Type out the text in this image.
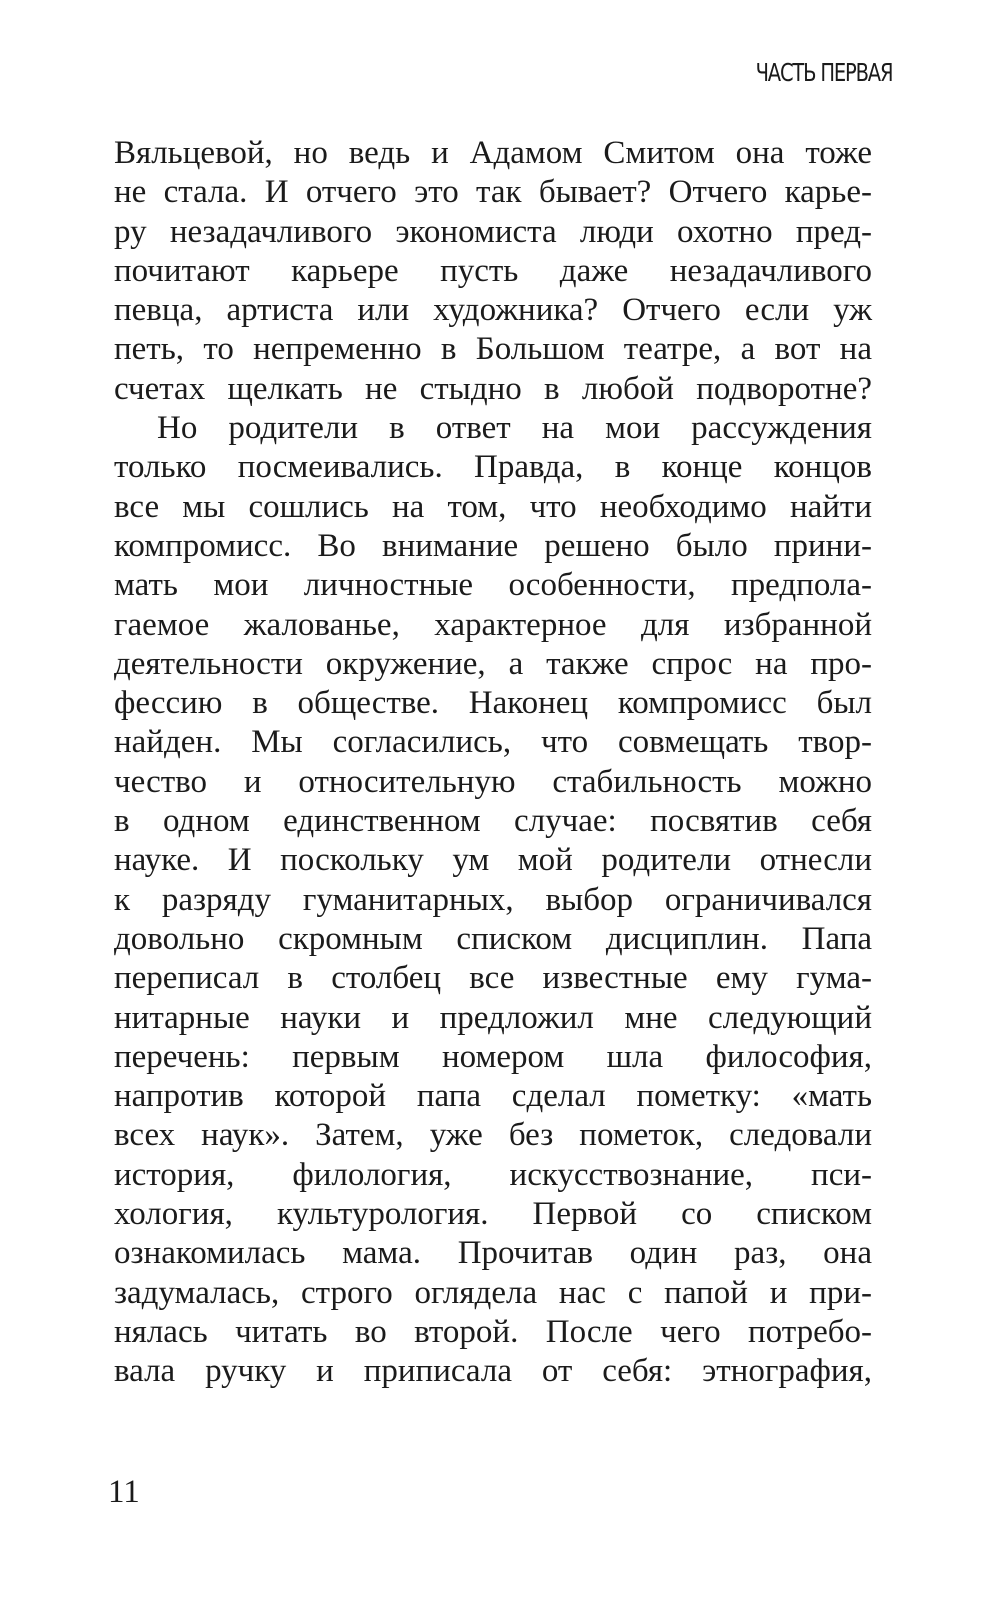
ЧАСТЬ ПЕРВАЯ
Вяльцевой, но ведь и Адамом Смитом она тоже
не стала. И отчего это так бывает? Отчего карье-
ру незадачливого экономиста люди охотно пред-
почитают карьере пусть даже незадачливого
певца, артиста или художника? Отчего если уж
петь, то непременно в Большом театре, а вот на
счетах щелкать не стыдно в любой подворотне?
Но родители в ответ на мои рассуждения
только посмеивались. Правда, в конце концов
все мы сошлись на том, что необходимо найти
компромисс. Во внимание решено было прини-
мать мои личностные особенности, предпола-
гаемое жалованье, характерное для избранной
деятельности окружение, а также спрос на про-
фессию в обществе. Наконец компромисс был
найден. Мы согласились, что совмещать твор-
чество и относительную стабильность можно
в одном единственном случае: посвятив себя
науке. И поскольку ум мой родители отнесли
к разряду гуманитарных, выбор ограничивался
довольно скромным списком дисциплин. Папа
переписал в столбец все известные ему гума-
нитарные науки и предложил мне следующий
перечень: первым номером шла философия,
напротив которой папа сделал пометку: «мать
всех наук». Затем, уже без пометок, следовали
история, филология, искусствознание, пси-
хология, культурология. Первой со списком
ознакомилась мама. Прочитав один раз, она
задумалась, строго оглядела нас с папой и при-
нялась читать во второй. После чего потребо-
вала ручку и приписала от себя: этнография,
11
